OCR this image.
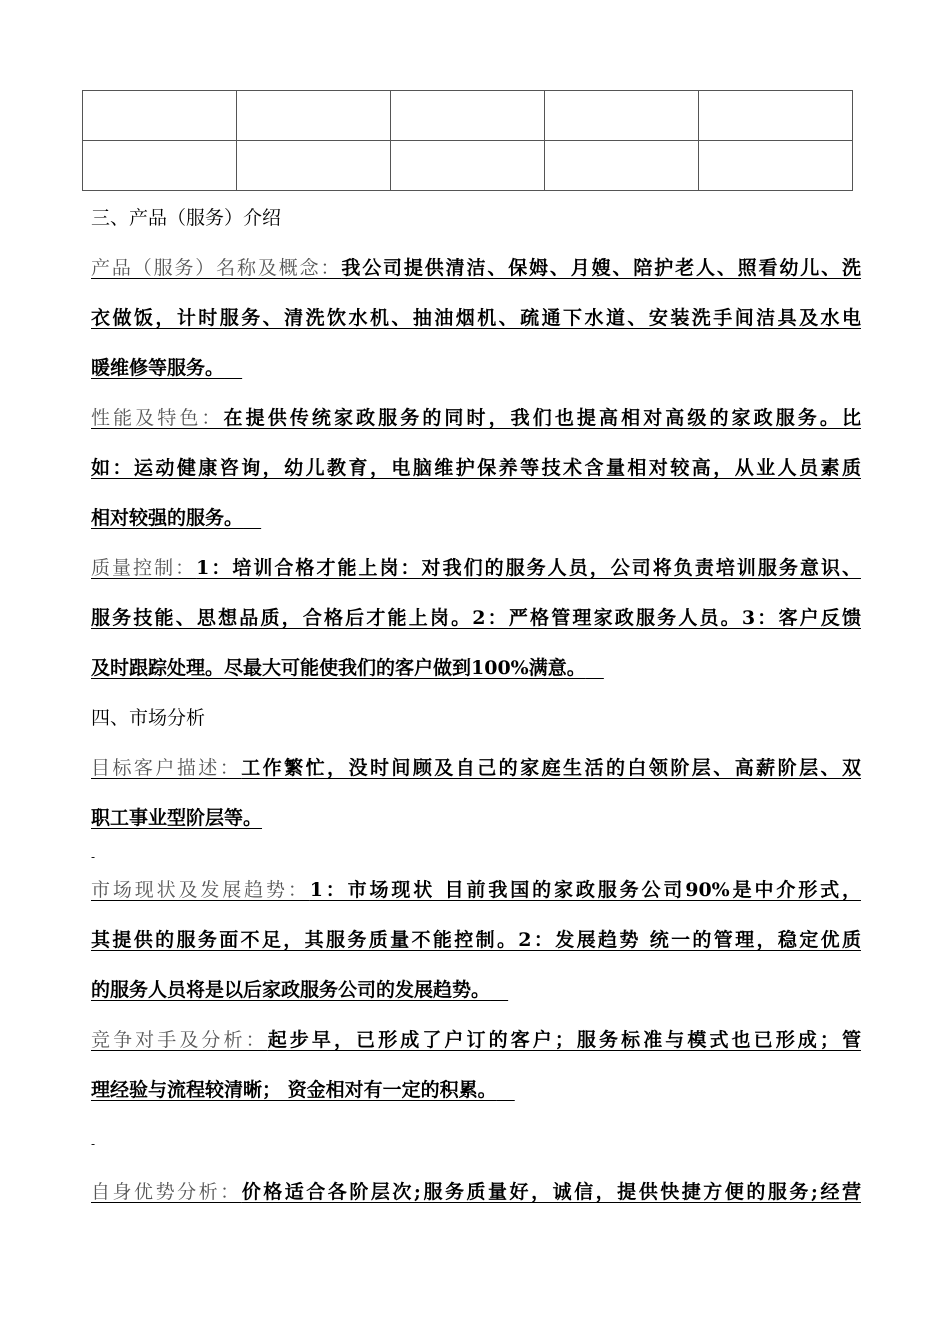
三、产品（服务）介绍
产品（服务）名称及概念：我公司提供清洁、保姆、月嫂、陪护老人、照看幼儿、洗
衣做饭，计时服务、清洗饮水机、抽油烟机、疏通下水道、安装洗手间洁具及水电
暖维修等服务。
性能及特色：在提供传统家政服务的同时，我们也提高相对高级的家政服务。比
如：运动健康咨询，幼儿教育，电脑维护保养等技术含量相对较高，从业人员素质
相对较强的服务。
质量控制：1：培训合格才能上岗：对我们的服务人员，公司将负责培训服务意识、
服务技能、思想品质，合格后才能上岗。2：严格管理家政服务人员。3：客户反馈
及时跟踪处理。尽最大可能使我们的客户做到100%满意。
四、市场分析
目标客户描述：工作繁忙，没时间顾及自己的家庭生活的白领阶层、高薪阶层、双
职工事业型阶层等。
-
市场现状及发展趋势：1：市场现状 目前我国的家政服务公司90%是中介形式，
其提供的服务面不足，其服务质量不能控制。2：发展趋势 统一的管理，稳定优质
的服务人员将是以后家政服务公司的发展趋势。
竞争对手及分析：起步早，已形成了户订的客户；服务标准与模式也已形成；管
理经验与流程较清晰； 资金相对有一定的积累。
-
自身优势分析：价格适合各阶层次;服务质量好，诚信，提供快捷方便的服务;经营
